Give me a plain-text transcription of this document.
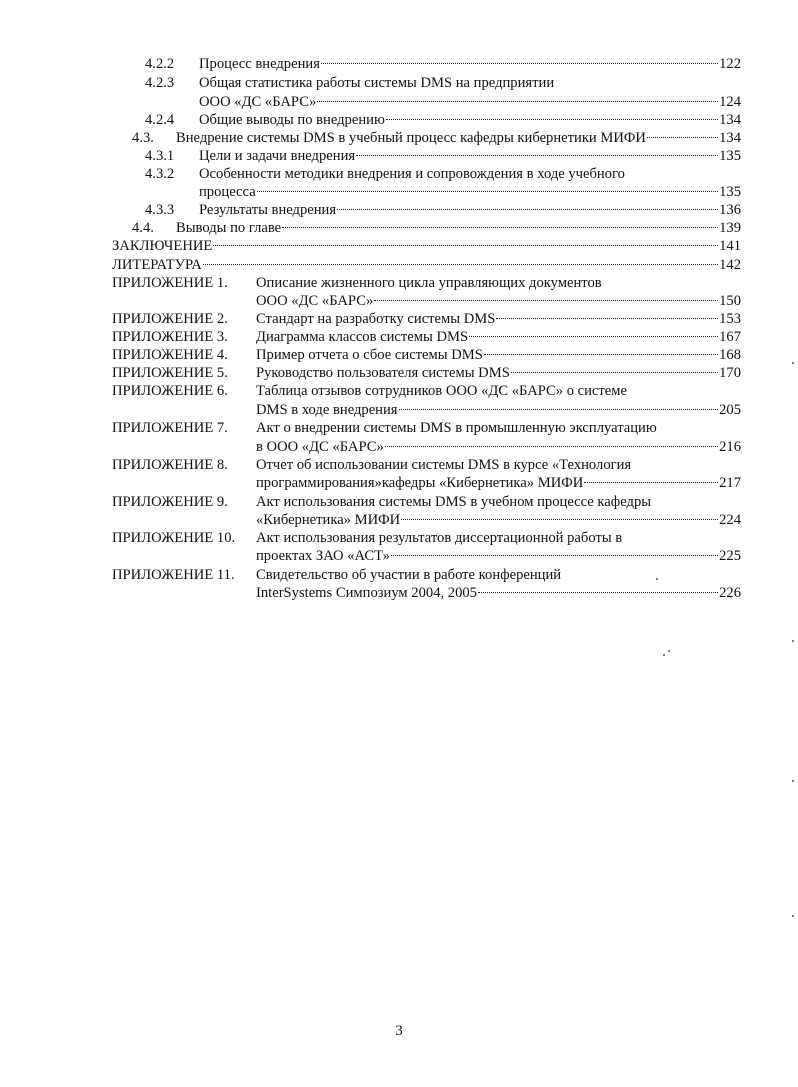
4.2.2 Процесс внедрения	122
4.2.3 Общая статистика работы системы DMS на предприятии
ООО «ДС «БАРС»	124
4.2.4 Общие выводы по внедрению	134
4.3. Внедрение системы DMS в учебный процесс кафедры кибернетики МИФИ	134
4.3.1 Цели и задачи внедрения	135
4.3.2 Особенности методики внедрения и сопровождения в ходе учебного
процесса	135
4.3.3 Результаты внедрения	136
4.4. Выводы по главе	139
ЗАКЛЮЧЕНИЕ	141
ЛИТЕРАТУРА	142
ПРИЛОЖЕНИЕ 1. Описание жизненного цикла управляющих документов
ООО «ДС «БАРС»	150
ПРИЛОЖЕНИЕ 2. Стандарт на разработку системы DMS	153
ПРИЛОЖЕНИЕ 3. Диаграмма классов системы DMS	167
ПРИЛОЖЕНИЕ 4. Пример отчета о сбое системы DMS	168
ПРИЛОЖЕНИЕ 5. Руководство пользователя системы DMS	170
ПРИЛОЖЕНИЕ 6. Таблица отзывов сотрудников ООО «ДС «БАРС» о системе
DMS в ходе внедрения	205
ПРИЛОЖЕНИЕ 7. Акт о внедрении системы DMS в промышленную эксплуатацию
в ООО «ДС «БАРС»	216
ПРИЛОЖЕНИЕ 8. Отчет об использовании системы DMS в курсе «Технология
программирования»кафедры «Кибернетика» МИФИ	217
ПРИЛОЖЕНИЕ 9. Акт использования системы DMS в учебном процессе кафедры
«Кибернетика» МИФИ	224
ПРИЛОЖЕНИЕ 10. Акт использования результатов диссертационной работы в
проектах ЗАО «АСТ»	225
ПРИЛОЖЕНИЕ 11. Свидетельство об участии в работе конференций
InterSystems Симпозиум 2004, 2005	226
3
